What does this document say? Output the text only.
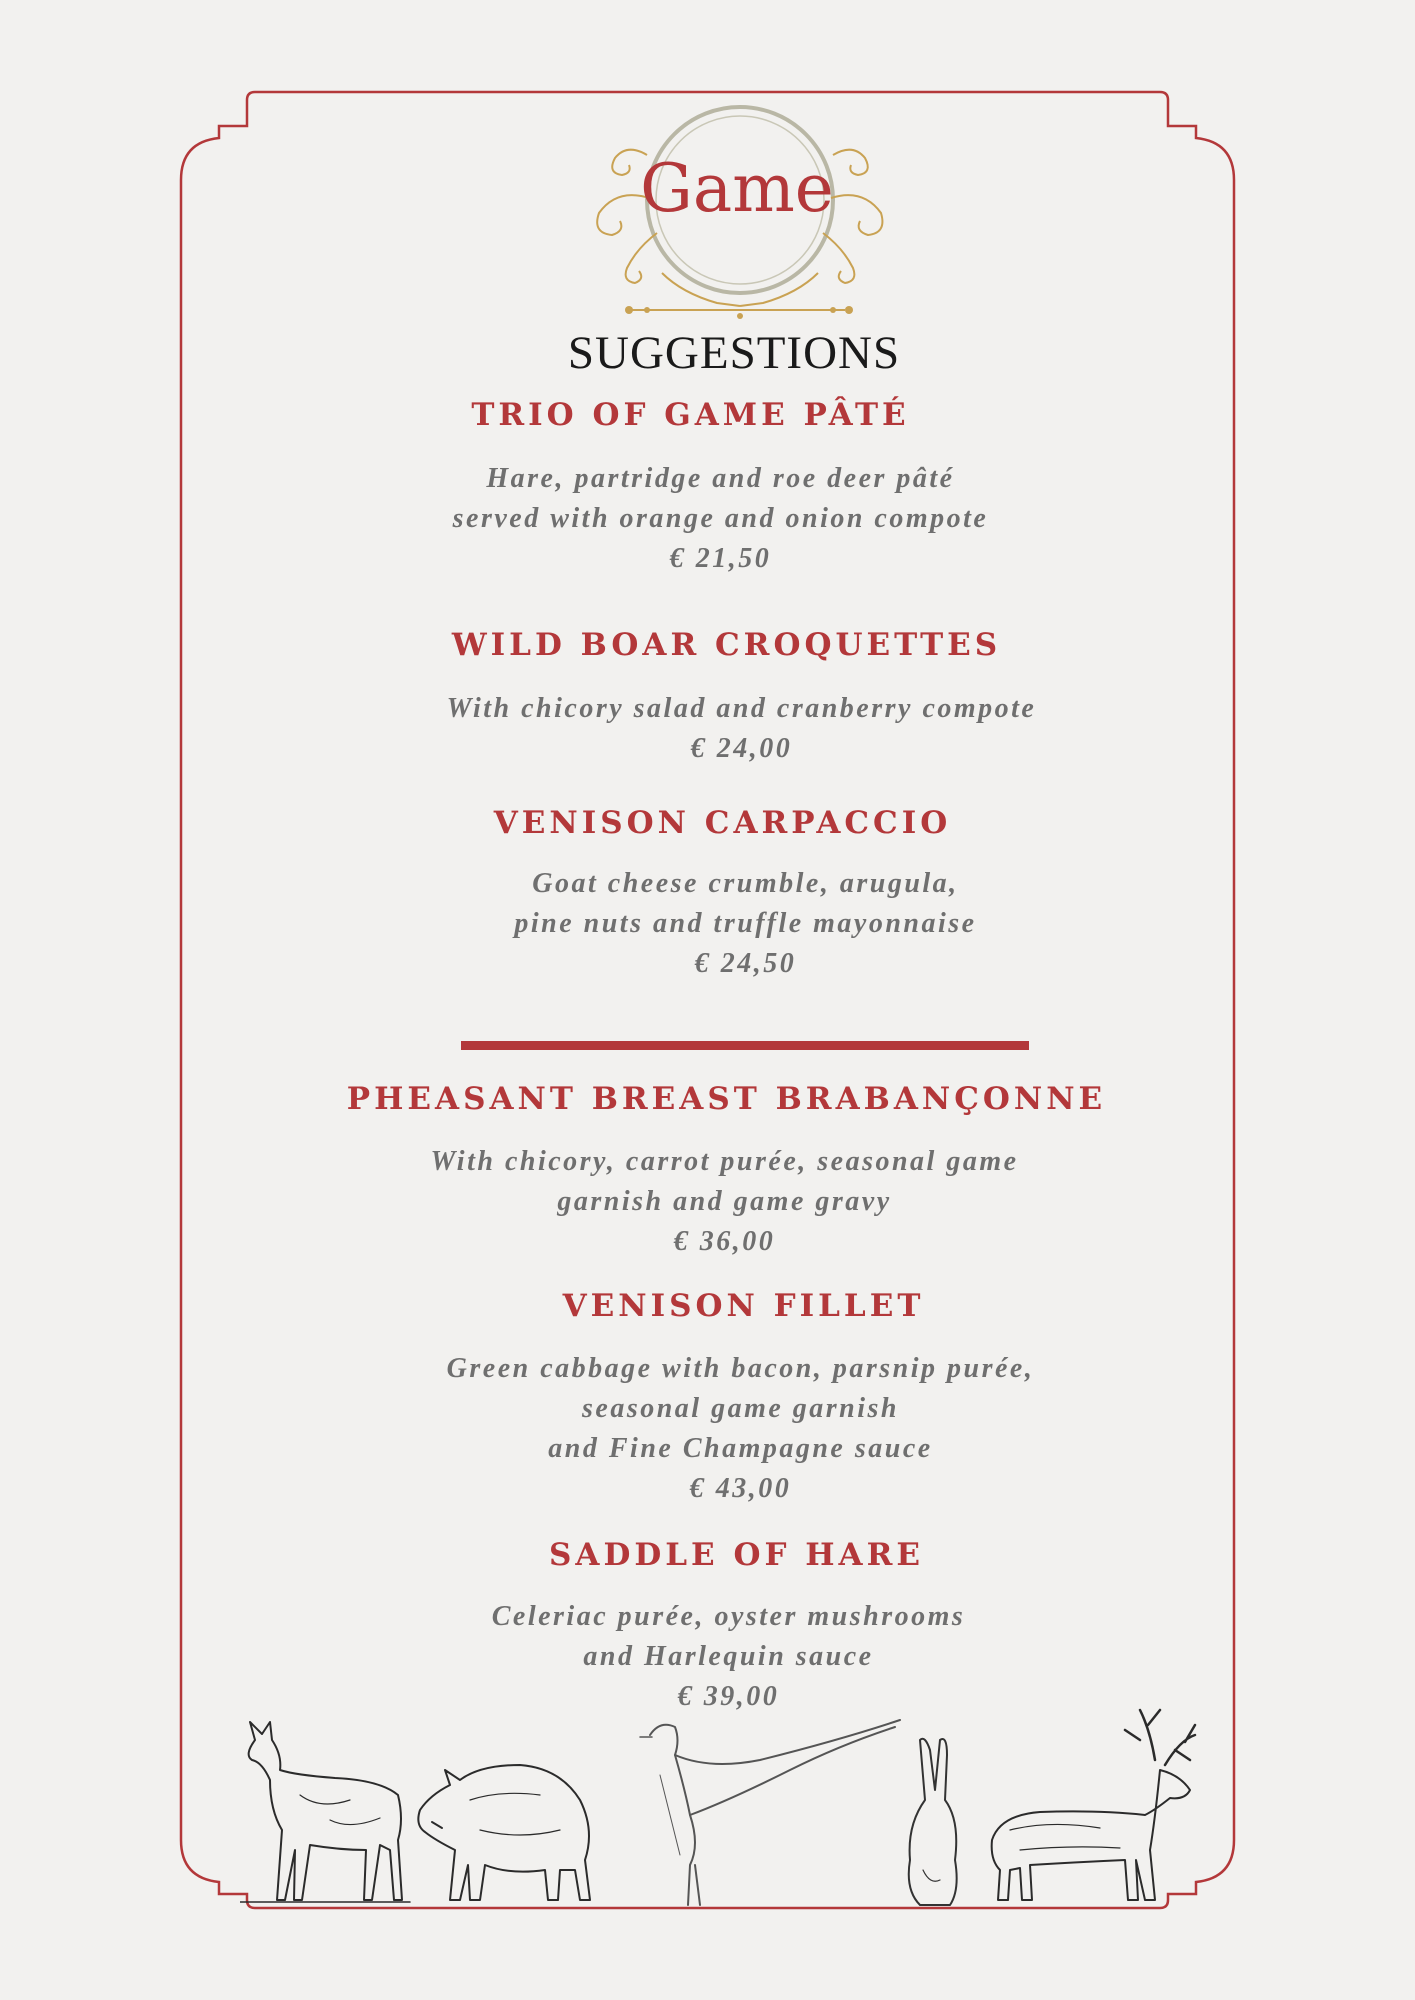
Game
SUGGESTIONS
TRIO OF GAME PÂTÉ
Hare, partridge and roe deer pâté
served with orange and onion compote
€ 21,50
WILD BOAR CROQUETTES
With chicory salad and cranberry compote
€ 24,00
VENISON CARPACCIO
Goat cheese crumble, arugula,
pine nuts and truffle mayonnaise
€ 24,50
PHEASANT BREAST BRABANÇONNE
With chicory, carrot purée, seasonal game
garnish and game gravy
€ 36,00
VENISON FILLET
Green cabbage with bacon, parsnip purée,
seasonal game garnish
and Fine Champagne sauce
€ 43,00
SADDLE OF HARE
Celeriac purée, oyster mushrooms
and Harlequin sauce
€ 39,00
